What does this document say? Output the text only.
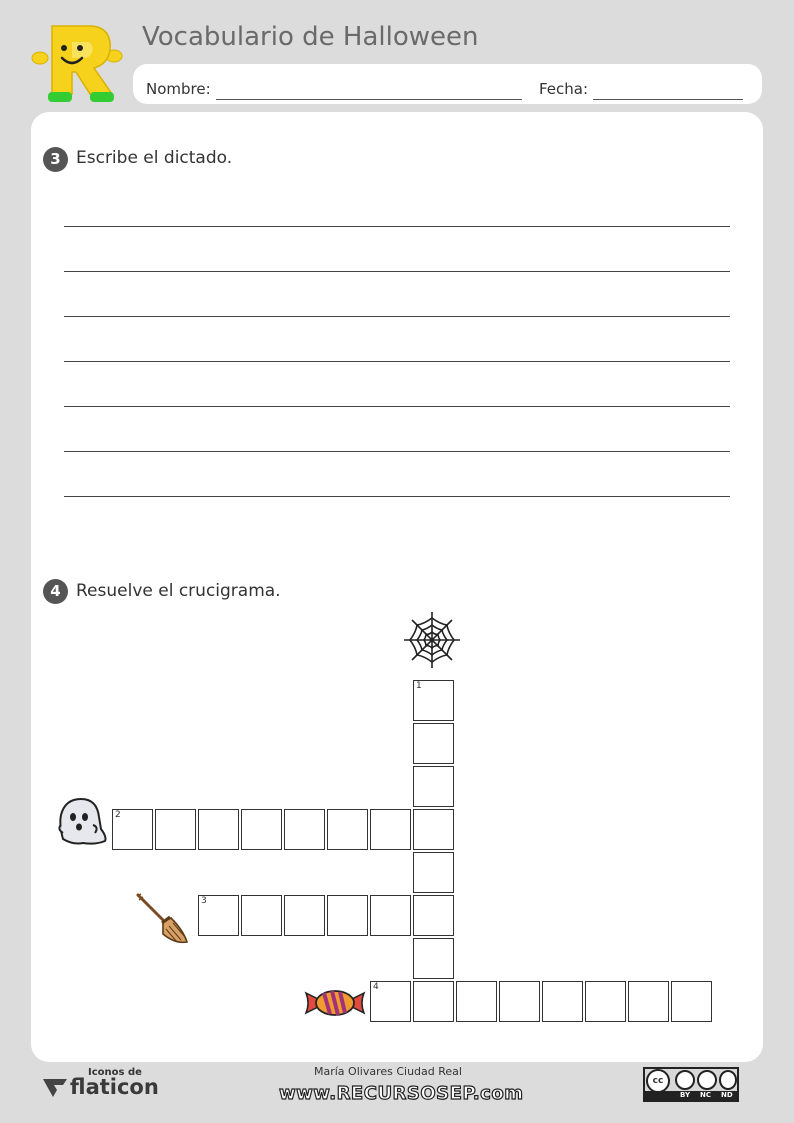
Vocabulario de Halloween
Nombre:	Fecha:
3 Escribe el dictado.
4 Resuelve el crucigrama.
1
2
3
4
Iconos de
flaticon
María Olivares Ciudad Real
www.RECURSOSEP.com
cc
BY NC ND
